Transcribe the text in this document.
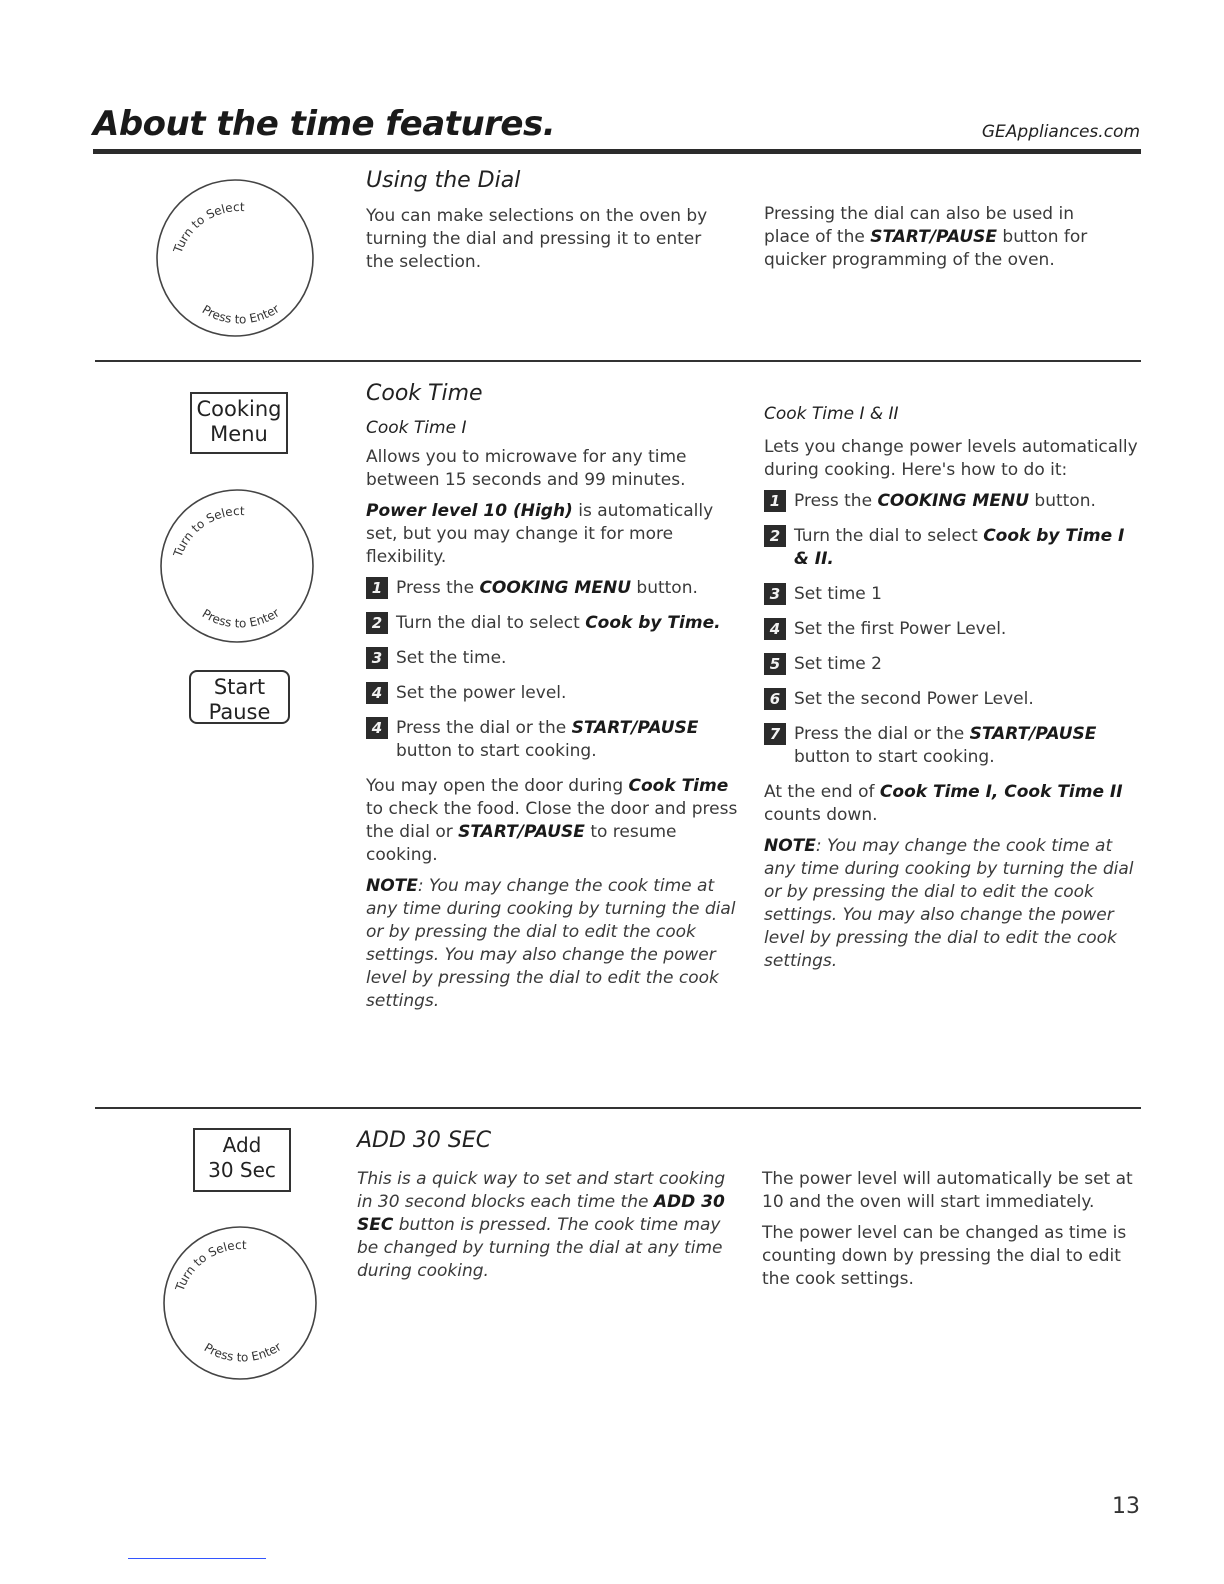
About the time features.	GEAppliances.com
Turn to Select
Press to Enter
Using the Dial

You can make selections on the oven by turning the dial and pressing it to enter the selection.

Pressing the dial can also be used in place of the START/PAUSE button for quicker programming of the oven.

Cooking
Menu
Turn to Select
Press to Enter
Start
Pause
Cook Time
Cook Time I

Allows you to microwave for any time between 15 seconds and 99 minutes.

Power level 10 (High) is automatically set, but you may change it for more flexibility.

1 Press the COOKING MENU button.
2 Turn the dial to select Cook by Time.
3 Set the time.
4 Set the power level.
4 Press the dial or the START/PAUSE button to start cooking.

You may open the door during Cook Time to check the food. Close the door and press the dial or START/PAUSE to resume cooking.

NOTE: You may change the cook time at any time during cooking by turning the dial or by pressing the dial to edit the cook settings. You may also change the power level by pressing the dial to edit the cook settings.

Cook Time I & II

Lets you change power levels automatically during cooking. Here's how to do it:

1 Press the COOKING MENU button.
2 Turn the dial to select Cook by Time I & II.
3 Set time 1
4 Set the first Power Level.
5 Set time 2
6 Set the second Power Level.
7 Press the dial or the START/PAUSE button to start cooking.

At the end of Cook Time I, Cook Time II counts down.

NOTE: You may change the cook time at any time during cooking by turning the dial or by pressing the dial to edit the cook settings. You may also change the power level by pressing the dial to edit the cook settings.

Add
30 Sec
Turn to Select
Press to Enter
ADD 30 SEC

This is a quick way to set and start cooking in 30 second blocks each time the ADD 30 SEC button is pressed. The cook time may be changed by turning the dial at any time during cooking.

The power level will automatically be set at 10 and the oven will start immediately.

The power level can be changed as time is counting down by pressing the dial to edit the cook settings.

13
